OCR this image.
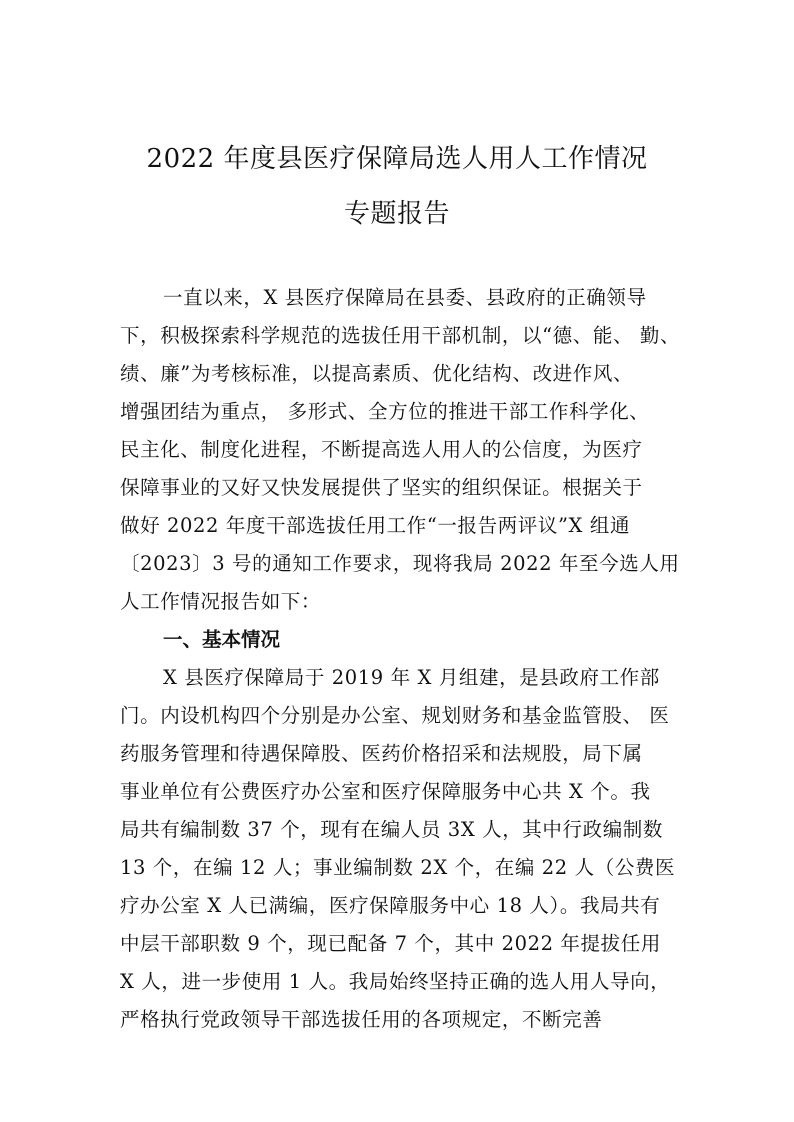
2022 年度县医疗保障局选人用人工作情况
专题报告
一直以来，X 县医疗保障局在县委、县政府的正确领导
下，积极探索科学规范的选拔任用干部机制，以“德、能、 勤、
绩、廉”为考核标准，以提高素质、优化结构、改进作风、
增强团结为重点， 多形式、全方位的推进干部工作科学化、
民主化、制度化进程，不断提高选人用人的公信度，为医疗
保障事业的又好又快发展提供了坚实的组织保证。根据关于
做好 2022 年度干部选拔任用工作“一报告两评议”X 组通
〔2023〕3 号的通知工作要求，现将我局 2022 年至今选人用
人工作情况报告如下：
一、基本情况
X 县医疗保障局于 2019 年 X 月组建，是县政府工作部
门。内设机构四个分别是办公室、规划财务和基金监管股、 医
药服务管理和待遇保障股、医药价格招采和法规股，局下属
事业单位有公费医疗办公室和医疗保障服务中心共 X 个。我
局共有编制数 37 个，现有在编人员 3X 人，其中行政编制数
13 个，在编 12 人；事业编制数 2X 个，在编 22 人（公费医
疗办公室 X 人已满编，医疗保障服务中心 18 人）。我局共有
中层干部职数 9 个，现已配备 7 个，其中 2022 年提拔任用
X 人，进一步使用 1 人。我局始终坚持正确的选人用人导向，
严格执行党政领导干部选拔任用的各项规定，不断完善
